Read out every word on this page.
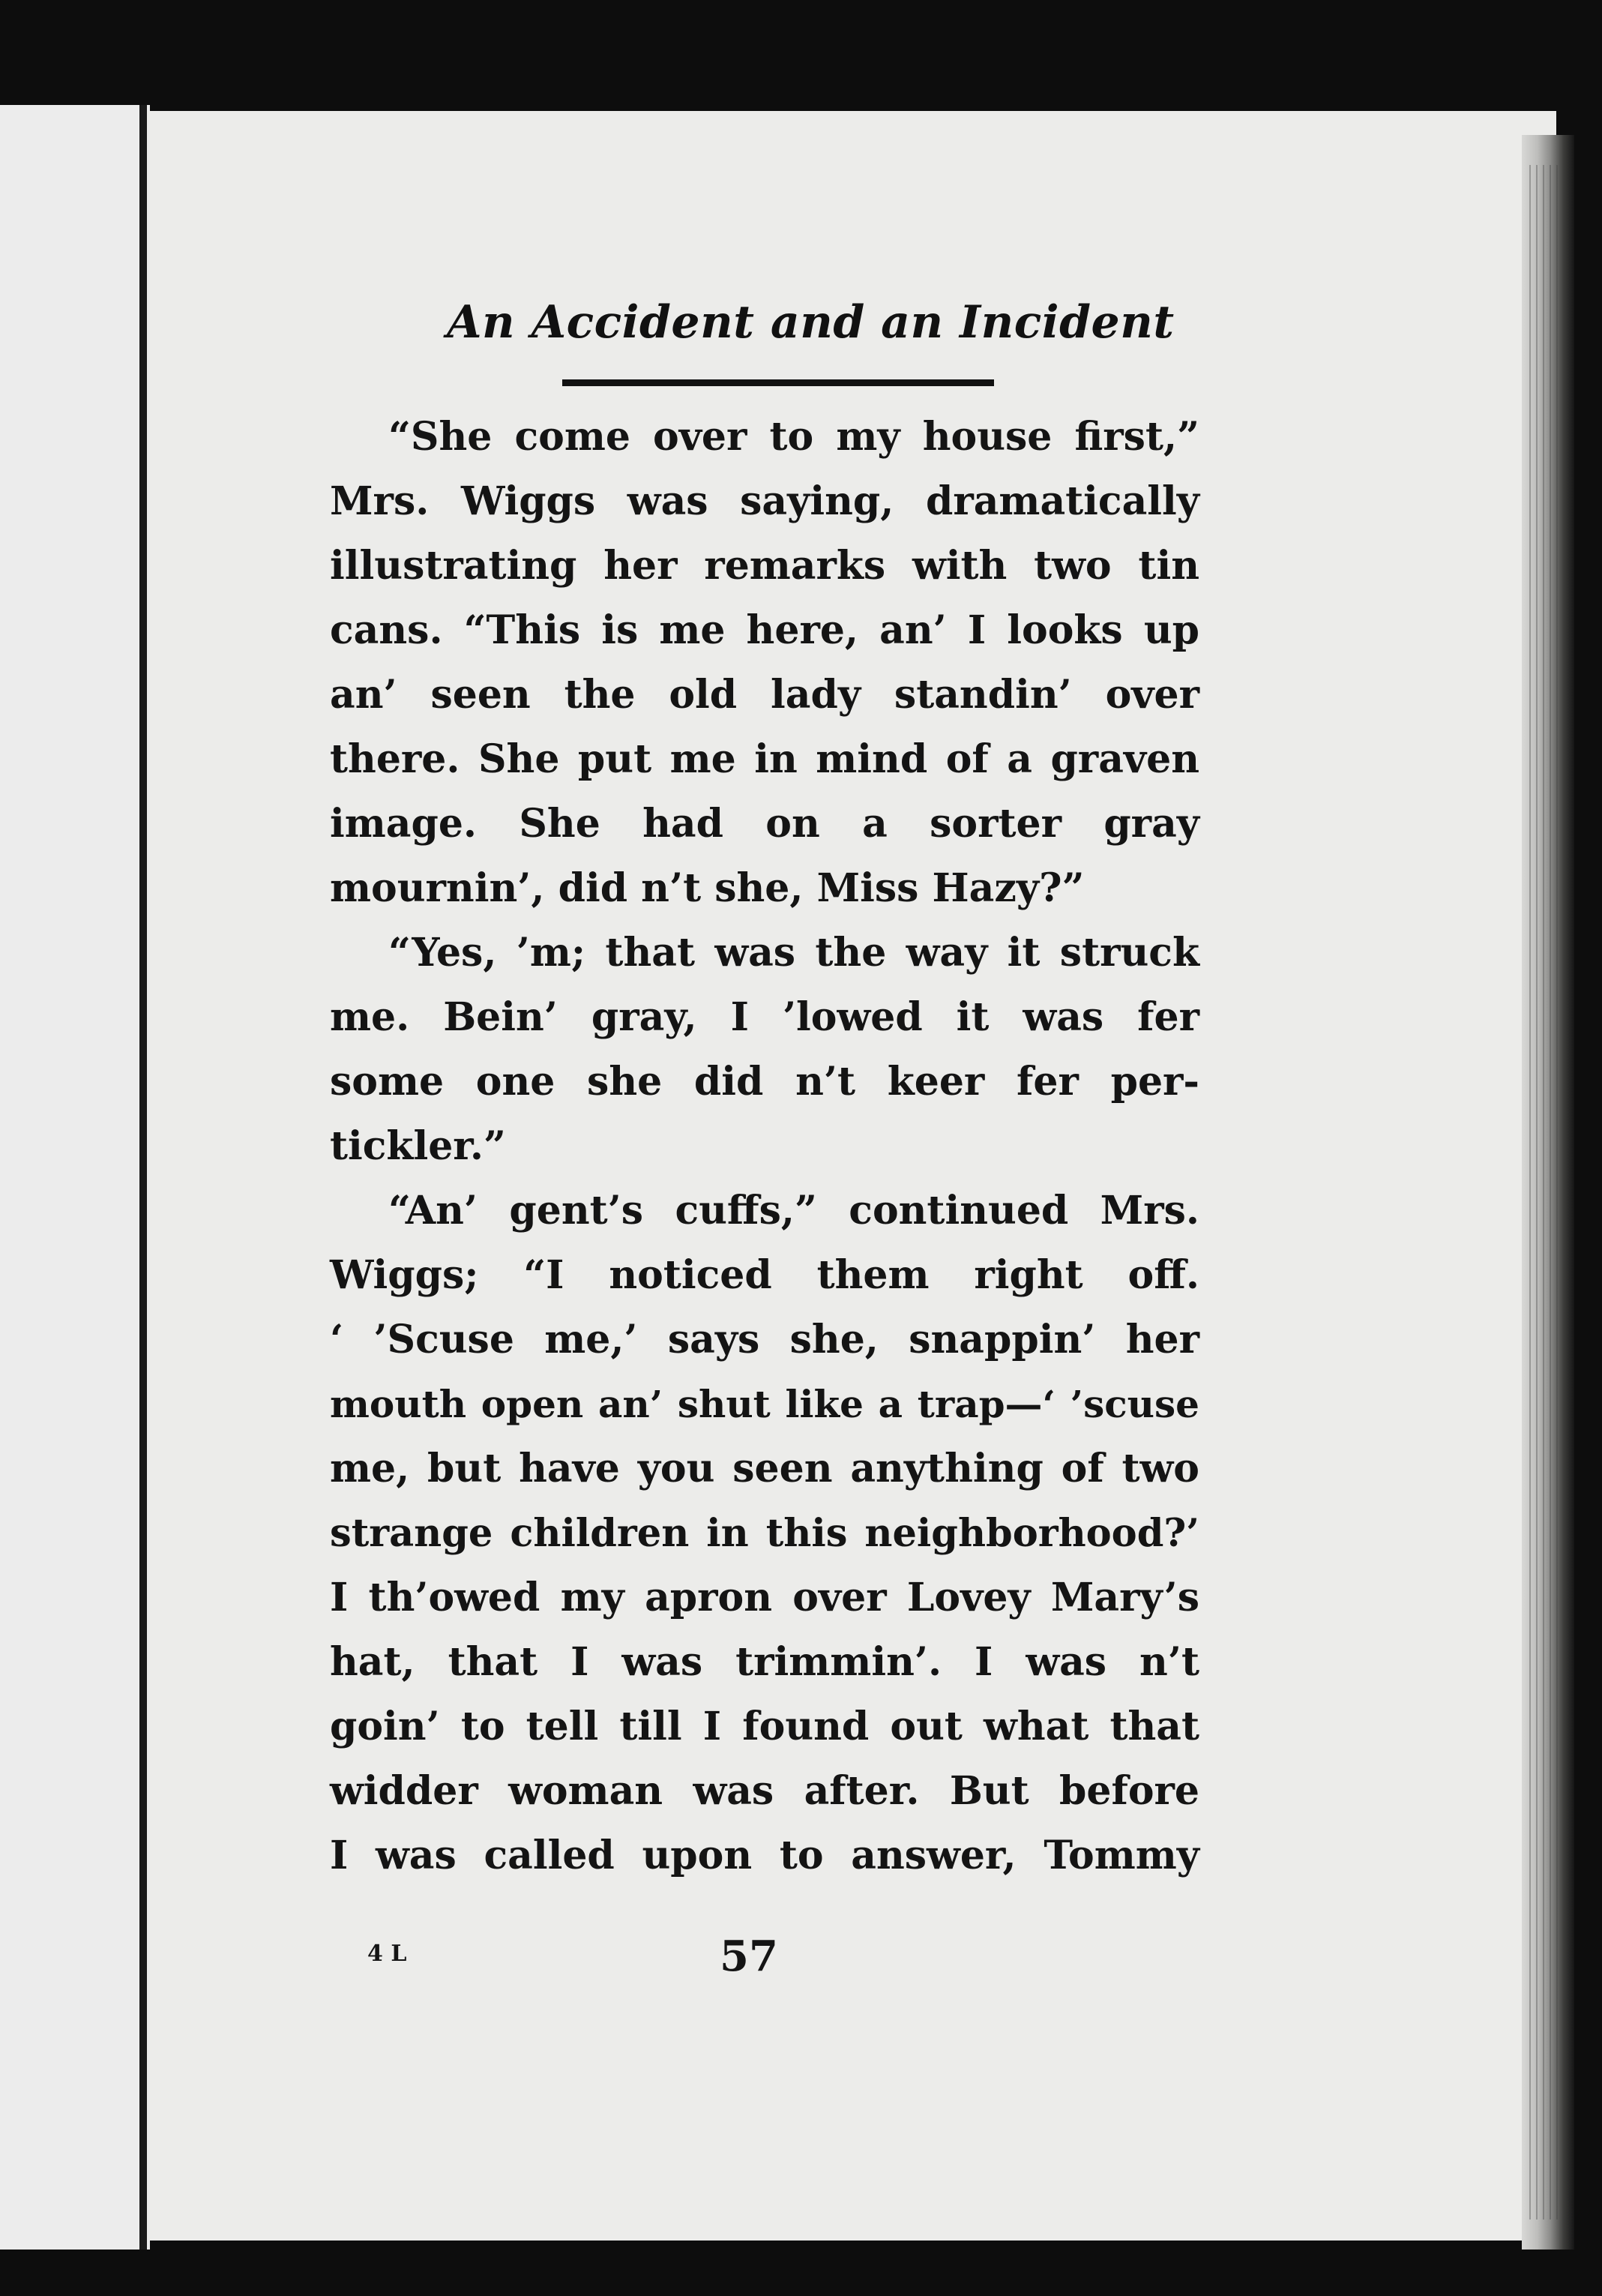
An Accident and an Incident
“She come over to my house first,”
Mrs. Wiggs was saying, dramatically
illustrating her remarks with two tin
cans. “This is me here, an’ I looks up
an’ seen the old lady standin’ over
there. She put me in mind of a graven
image. She had on a sorter gray
mournin’, did n’t she, Miss Hazy?”
“Yes, ’m; that was the way it struck
me. Bein’ gray, I ’lowed it was fer
some one she did n’t keer fer per-
tickler.”
“An’ gent’s cuffs,” continued Mrs.
Wiggs; “I noticed them right off.
‘ ’Scuse me,’ says she, snappin’ her
mouth open an’ shut like a trap—‘ ’scuse
me, but have you seen anything of two
strange children in this neighborhood?’
I th’owed my apron over Lovey Mary’s
hat, that I was trimmin’. I was n’t
goin’ to tell till I found out what that
widder woman was after. But before
I was called upon to answer, Tommy
4 L	57
